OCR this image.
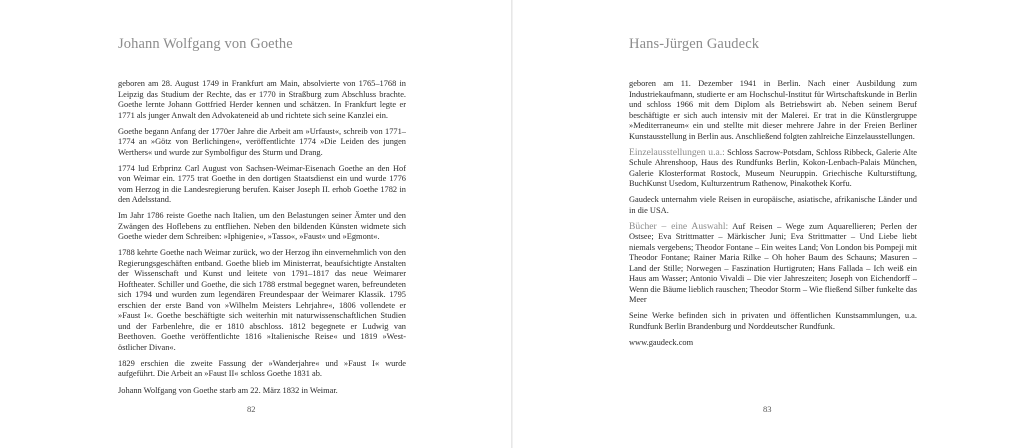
Johann Wolfgang von Goethe

geboren am 28. August 1749 in Frankfurt am Main, absolvierte von 1765–1768 in Leipzig das Studium der Rechte, das er 1770 in Straßburg zum Abschluss brachte. Goethe lernte Johann Gottfried Herder kennen und schätzen. In Frankfurt legte er 1771 als junger Anwalt den Advokateneid ab und richtete sich seine Kanzlei ein.

Goethe begann Anfang der 1770er Jahre die Arbeit am »Urfaust«, schreib von 1771–1774 an »Götz von Berlichingen«, veröffentlichte 1774 »Die Leiden des jungen Werthers« und wurde zur Symbolfigur des Sturm und Drang.

1774 lud Erbprinz Carl August von Sachsen-Weimar-Eisenach Goethe an den Hof von Weimar ein. 1775 trat Goethe in den dortigen Staatsdienst ein und wurde 1776 vom Herzog in die Landesregierung berufen. Kaiser Joseph II. erhob Goethe 1782 in den Adelsstand.

Im Jahr 1786 reiste Goethe nach Italien, um den Belastungen seiner Ämter und den Zwängen des Hoflebens zu entfliehen. Neben den bildenden Künsten widmete sich Goethe wieder dem Schreiben: »Iphigenie«, »Tasso«, »Faust« und »Egmont«.

1788 kehrte Goethe nach Weimar zurück, wo der Herzog ihn einvernehmlich von den Regierungsgeschäften entband. Goethe blieb im Ministerrat, beaufsichtigte Anstalten der Wissenschaft und Kunst und leitete von 1791–1817 das neue Weimarer Hoftheater. Schiller und Goethe, die sich 1788 erstmal begegnet waren, befreundeten sich 1794 und wurden zum legendären Freundespaar der Weimarer Klassik. 1795 erschien der erste Band von »Wilhelm Meisters Lehrjahre«, 1806 vollendete er »Faust I«. Goethe beschäftigte sich weiterhin mit naturwissenschaftlichen Studien und der Farbenlehre, die er 1810 abschloss. 1812 begegnete er Ludwig van Beethoven. Goethe veröffentlichte 1816 »Italienische Reise« und 1819 »West-östlicher Divan«.

1829 erschien die zweite Fassung der »Wanderjahre« und »Faust I« wurde aufgeführt. Die Arbeit an »Faust II« schloss Goethe 1831 ab.

Johann Wolfgang von Goethe starb am 22. März 1832 in Weimar.

82
Hans-Jürgen Gaudeck

geboren am 11. Dezember 1941 in Berlin. Nach einer Ausbildung zum Industriekaufmann, studierte er am Hochschul-Institut für Wirtschaftskunde in Berlin und schloss 1966 mit dem Diplom als Betriebswirt ab. Neben seinem Beruf beschäftigte er sich auch intensiv mit der Malerei. Er trat in die Künstlergruppe »Mediterraneum« ein und stellte mit dieser mehrere Jahre in der Freien Berliner Kunstausstellung in Berlin aus. Anschließend folgten zahlreiche Einzelausstellungen.

Einzelausstellungen u.a.: Schloss Sacrow-Potsdam, Schloss Ribbeck, Galerie Alte Schule Ahrenshoop, Haus des Rundfunks Berlin, Kokon-Lenbach-Palais München, Galerie Klosterformat Rostock, Museum Neuruppin. Griechische Kulturstiftung, BuchKunst Usedom, Kulturzentrum Rathenow, Pinakothek Korfu.

Gaudeck unternahm viele Reisen in europäische, asiatische, afrikanische Länder und in die USA.

Bücher – eine Auswahl: Auf Reisen – Wege zum Aquarellieren; Perlen der Ostsee; Eva Strittmatter – Märkischer Juni; Eva Strittmatter – Und Liebe liebt niemals vergebens; Theodor Fontane – Ein weites Land; Von London bis Pompeji mit Theodor Fontane; Rainer Maria Rilke – Oh hoher Baum des Schauns; Masuren – Land der Stille; Norwegen – Faszination Hurtigruten; Hans Fallada – Ich weiß ein Haus am Wasser; Antonio Vivaldi – Die vier Jahreszeiten; Joseph von Eichendorff – Wenn die Bäume lieblich rauschen; Theodor Storm – Wie fließend Silber funkelte das Meer

Seine Werke befinden sich in privaten und öffentlichen Kunstsammlungen, u.a. Rundfunk Berlin Brandenburg und Norddeutscher Rundfunk.

www.gaudeck.com

83
